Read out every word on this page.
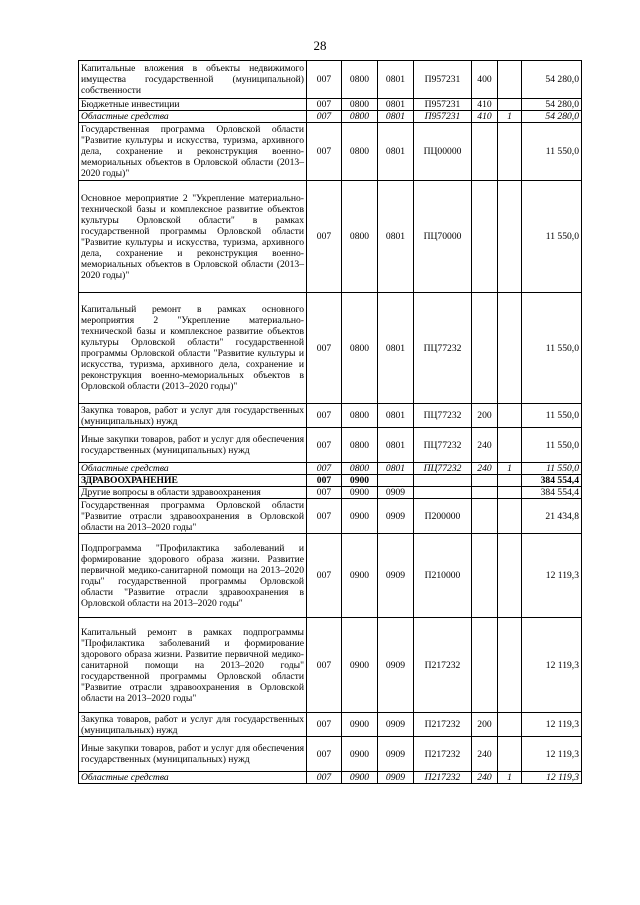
28
Капитальные вложения в объекты недвижимого имущества государственной (муниципальной) собственности	007	0800	0801	П957231	400		54 280,0
Бюджетные инвестиции	007	0800	0801	П957231	410		54 280,0
Областные средства	007	0800	0801	П957231	410	1	54 280,0
Государственная программа Орловской области "Развитие культуры и искусства, туризма, архивного дела, сохранение и реконструкция военно-мемориальных объектов в Орловской области (2013–2020 годы)"	007	0800	0801	ПЦ00000			11 550,0
Основное мероприятие 2 "Укрепление материально-технической базы и комплексное развитие объектов культуры Орловской области" в рамках государственной программы Орловской области "Развитие культуры и искусства, туризма, архивного дела, сохранение и реконструкция военно-мемориальных объектов в Орловской области (2013–2020 годы)"	007	0800	0801	ПЦ70000			11 550,0
Капитальный ремонт в рамках основного мероприятия 2 "Укрепление материально-технической базы и комплексное развитие объектов культуры Орловской области" государственной программы Орловской области "Развитие культуры и искусства, туризма, архивного дела, сохранение и реконструкция военно-мемориальных объектов в Орловской области (2013–2020 годы)"	007	0800	0801	ПЦ77232			11 550,0
Закупка товаров, работ и услуг для государственных (муниципальных) нужд	007	0800	0801	ПЦ77232	200		11 550,0
Иные закупки товаров, работ и услуг для обеспечения государственных (муниципальных) нужд	007	0800	0801	ПЦ77232	240		11 550,0
Областные средства	007	0800	0801	ПЦ77232	240	1	11 550,0
ЗДРАВООХРАНЕНИЕ	007	0900					384 554,4
Другие вопросы в области здравоохранения	007	0900	0909				384 554,4
Государственная программа Орловской области "Развитие отрасли здравоохранения в Орловской области на 2013–2020 годы"	007	0900	0909	П200000			21 434,8
Подпрограмма "Профилактика заболеваний и формирование здорового образа жизни. Развитие первичной медико-санитарной помощи на 2013–2020 годы" государственной программы Орловской области "Развитие отрасли здравоохранения в Орловской области на 2013–2020 годы"	007	0900	0909	П210000			12 119,3
Капитальный ремонт в рамках подпрограммы "Профилактика заболеваний и формирование здорового образа жизни. Развитие первичной медико-санитарной помощи на 2013–2020 годы" государственной программы Орловской области "Развитие отрасли здравоохранения в Орловской области на 2013–2020 годы"	007	0900	0909	П217232			12 119,3
Закупка товаров, работ и услуг для государственных (муниципальных) нужд	007	0900	0909	П217232	200		12 119,3
Иные закупки товаров, работ и услуг для обеспечения государственных (муниципальных) нужд	007	0900	0909	П217232	240		12 119,3
Областные средства	007	0900	0909	П217232	240	1	12 119,3
